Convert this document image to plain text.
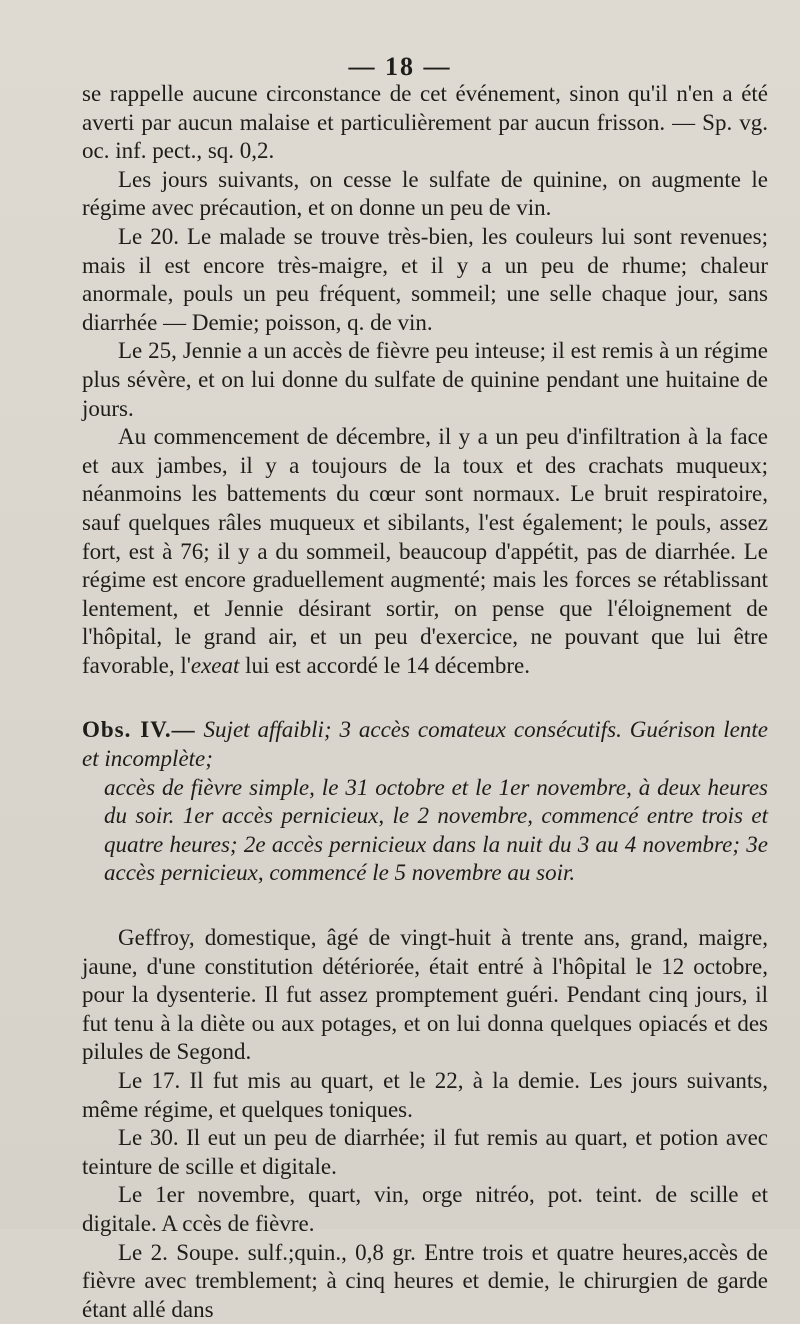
— 18 —

se rappelle aucune circonstance de cet événement, sinon qu'il n'en a été averti par aucun malaise et particulièrement par aucun frisson. — Sp. vg. oc. inf. pect., sq. 0,2.

Les jours suivants, on cesse le sulfate de quinine, on augmente le régime avec précaution, et on donne un peu de vin.

Le 20. Le malade se trouve très-bien, les couleurs lui sont revenues; mais il est encore très-maigre, et il y a un peu de rhume; chaleur anormale, pouls un peu fréquent, sommeil; une selle chaque jour, sans diarrhée — Demie; poisson, q. de vin.

Le 25, Jennie a un accès de fièvre peu inteuse; il est remis à un régime plus sévère, et on lui donne du sulfate de quinine pendant une huitaine de jours.

Au commencement de décembre, il y a un peu d'infiltration à la face et aux jambes, il y a toujours de la toux et des crachats muqueux; néanmoins les battements du cœur sont normaux. Le bruit respiratoire, sauf quelques râles muqueux et sibilants, l'est également; le pouls, assez fort, est à 76; il y a du sommeil, beaucoup d'appétit, pas de diarrhée. Le régime est encore graduellement augmenté; mais les forces se rétablissant lentement, et Jennie désirant sortir, on pense que l'éloignement de l'hôpital, le grand air, et un peu d'exercice, ne pouvant que lui être favorable, l'exeat lui est accordé le 14 décembre.

Obs. IV.— Sujet affaibli; 3 accès comateux consécutifs. Guérison lente et incomplète;

accès de fièvre simple, le 31 octobre et le 1er novembre, à deux heures du soir. 1er accès pernicieux, le 2 novembre, commencé entre trois et quatre heures; 2e accès pernicieux dans la nuit du 3 au 4 novembre; 3e accès pernicieux, commencé le 5 novembre au soir.

Geffroy, domestique, âgé de vingt-huit à trente ans, grand, maigre, jaune, d'une constitution détériorée, était entré à l'hôpital le 12 octobre, pour la dysenterie. Il fut assez promptement guéri. Pendant cinq jours, il fut tenu à la diète ou aux potages, et on lui donna quelques opiacés et des pilules de Segond.

Le 17. Il fut mis au quart, et le 22, à la demie. Les jours suivants, même régime, et quelques toniques.

Le 30. Il eut un peu de diarrhée; il fut remis au quart, et potion avec teinture de scille et digitale.

Le 1er novembre, quart, vin, orge nitréo, pot. teint. de scille et digitale. A ccès de fièvre.

Le 2. Soupe. sulf.;quin., 0,8 gr. Entre trois et quatre heures,accès de fièvre avec tremblement; à cinq heures et demie, le chirurgien de garde étant allé dans
